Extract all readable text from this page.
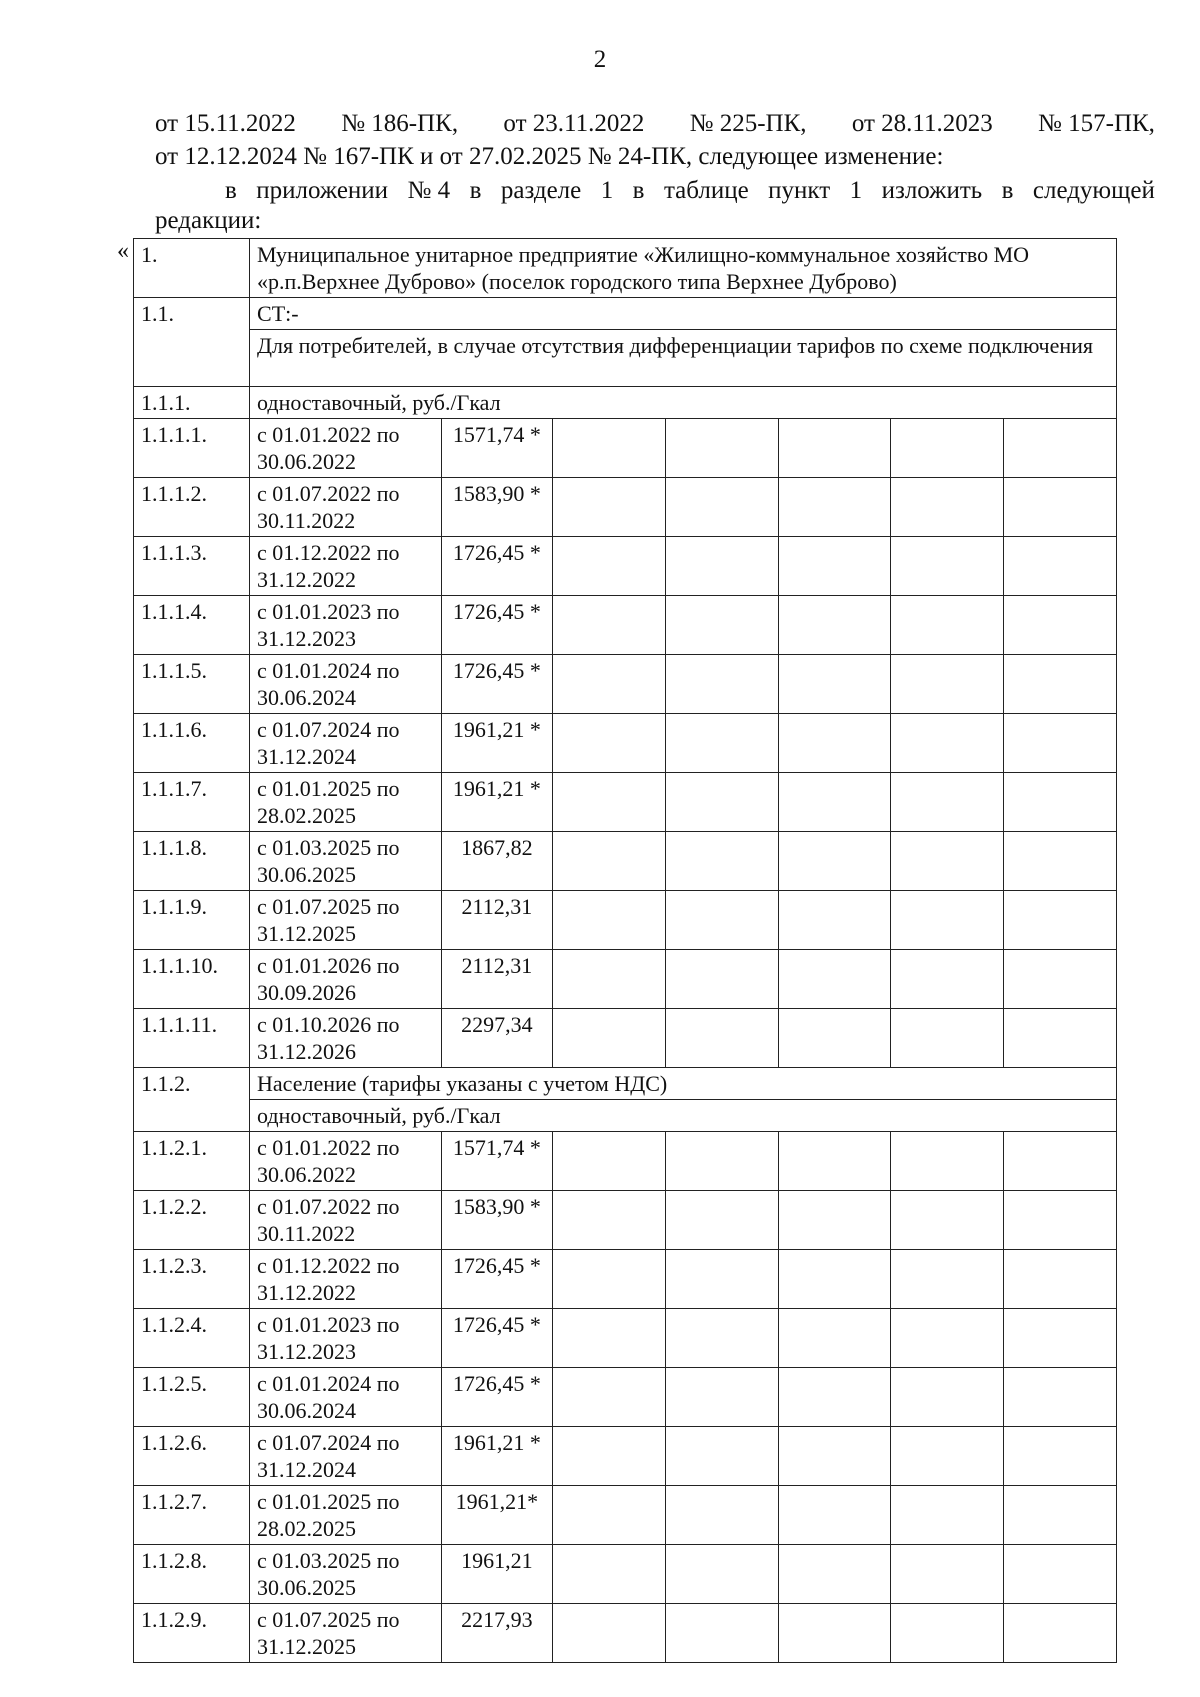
2
от 15.11.2022 № 186-ПК, от 23.11.2022 № 225-ПК, от 28.11.2023 № 157-ПК,
от 12.12.2024 № 167-ПК и от 27.02.2025 № 24-ПК, следующее изменение:
в приложении № 4 в разделе 1 в таблице пункт 1 изложить в следующей
редакции:
« 1.	Муниципальное унитарное предприятие «Жилищно-коммунальное хозяйство МО «р.п.Верхнее Дуброво» (поселок городского типа Верхнее Дуброво)						
1.1.	СТ:-						
	Для потребителей, в случае отсутствия дифференциации тарифов по схеме подключения						
1.1.1.	одноставочный, руб./Гкал						
1.1.1.1.	с 01.01.2022 по 30.06.2022	1571,74 *					
1.1.1.2.	с 01.07.2022 по 30.11.2022	1583,90 *					
1.1.1.3.	с 01.12.2022 по 31.12.2022	1726,45 *					
1.1.1.4.	с 01.01.2023 по 31.12.2023	1726,45 *					
1.1.1.5.	с 01.01.2024 по 30.06.2024	1726,45 *					
1.1.1.6.	с 01.07.2024 по 31.12.2024	1961,21 *					
1.1.1.7.	с 01.01.2025 по 28.02.2025	1961,21 *					
1.1.1.8.	с 01.03.2025 по 30.06.2025	1867,82					
1.1.1.9.	с 01.07.2025 по 31.12.2025	2112,31					
1.1.1.10.	с 01.01.2026 по 30.09.2026	2112,31					
1.1.1.11.	с 01.10.2026 по 31.12.2026	2297,34					
1.1.2.	Население (тарифы указаны с учетом НДС)						
	одноставочный, руб./Гкал						
1.1.2.1.	с 01.01.2022 по 30.06.2022	1571,74 *					
1.1.2.2.	с 01.07.2022 по 30.11.2022	1583,90 *					
1.1.2.3.	с 01.12.2022 по 31.12.2022	1726,45 *					
1.1.2.4.	с 01.01.2023 по 31.12.2023	1726,45 *					
1.1.2.5.	с 01.01.2024 по 30.06.2024	1726,45 *					
1.1.2.6.	с 01.07.2024 по 31.12.2024	1961,21 *					
1.1.2.7.	с 01.01.2025 по 28.02.2025	1961,21*					
1.1.2.8.	с 01.03.2025 по 30.06.2025	1961,21					
1.1.2.9.	с 01.07.2025 по 31.12.2025	2217,93					
